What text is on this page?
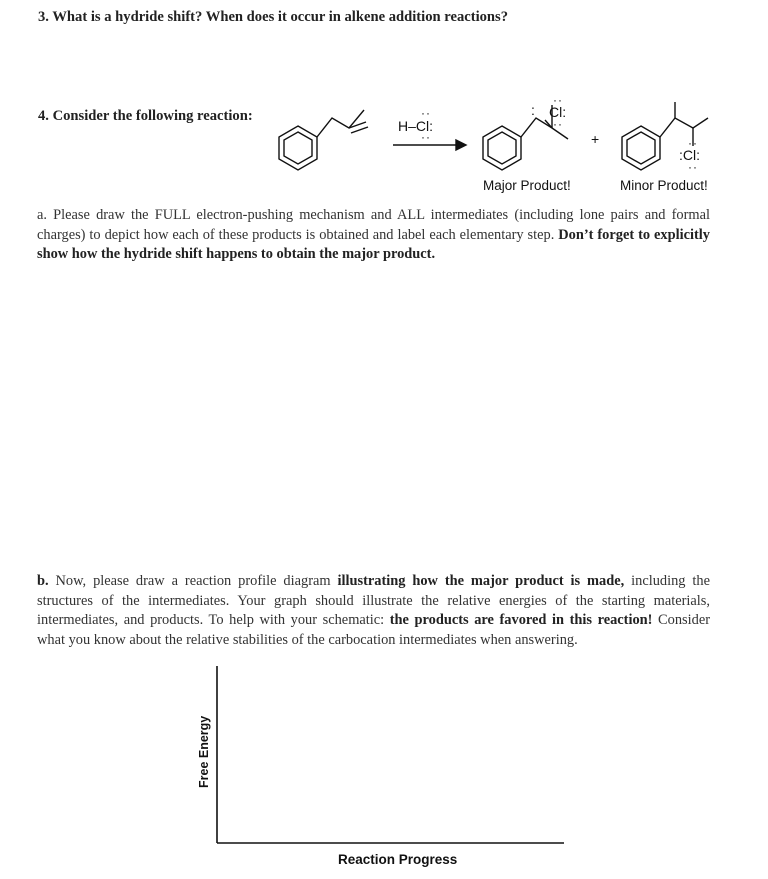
3. What is a hydride shift? When does it occur in alkene addition reactions?
4. Consider the following reaction:
H–Cl:
··
··
Cl:
··
··
:
+
:Cl:
··
··
Major Product!	Minor Product!
a. Please draw the FULL electron-pushing mechanism and ALL intermediates (including lone pairs and formal charges) to depict how each of these products is obtained and label each elementary step. Don’t forget to explicitly show how the hydride shift happens to obtain the major product.
b. Now, please draw a reaction profile diagram illustrating how the major product is made, including the structures of the intermediates. Your graph should illustrate the relative energies of the starting materials, intermediates, and products. To help with your schematic: the products are favored in this reaction! Consider what you know about the relative stabilities of the carbocation intermediates when answering.
Free Energy
Reaction Progress
